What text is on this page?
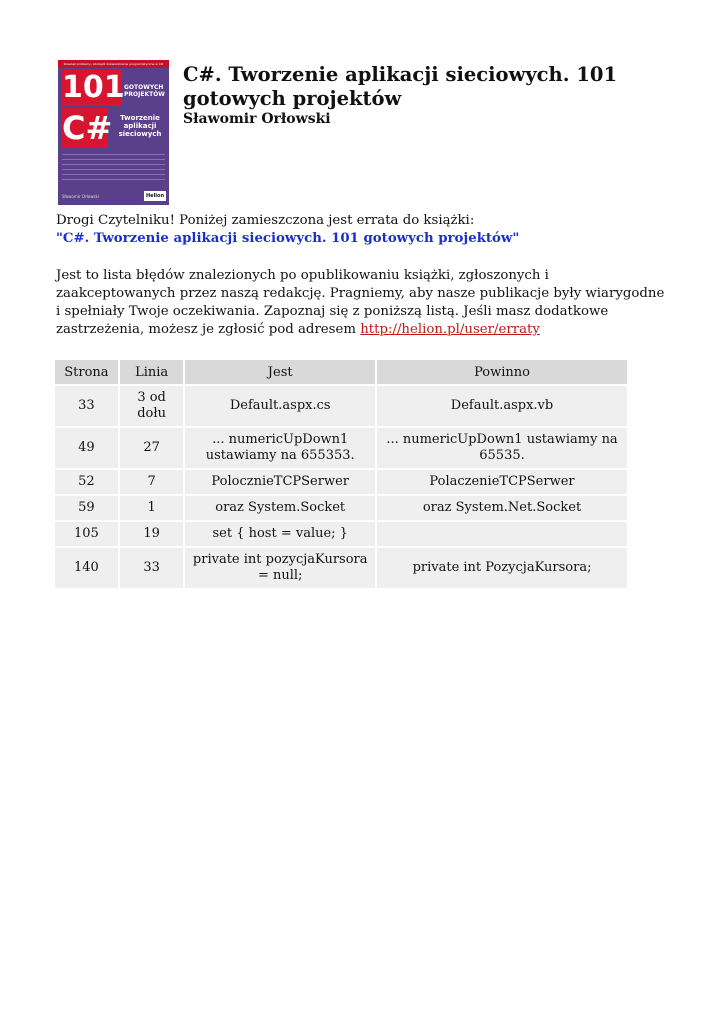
Rozwiąż problemy, zdobądź doświadczenie programistyczne w C#
101 GOTOWYCH PROJEKTÓW
C#	Tworzenie aplikacji sieciowych
Sławomir Orłowski	Helion
C#. Tworzenie aplikacji sieciowych. 101 gotowych projektów
Sławomir Orłowski
Drogi Czytelniku! Poniżej zamieszczona jest errata do książki:
"C#. Tworzenie aplikacji sieciowych. 101 gotowych projektów"
Jest to lista błędów znalezionych po opublikowaniu książki, zgłoszonych i zaakceptowanych przez naszą redakcję. Pragniemy, aby nasze publikacje były wiarygodne i spełniały Twoje oczekiwania. Zapoznaj się z poniższą listą. Jeśli masz dodatkowe zastrzeżenia, możesz je zgłosić pod adresem http://helion.pl/user/erraty
Strona	Linia	Jest	Powinno
33	3 od dołu	Default.aspx.cs	Default.aspx.vb
49	27	... numericUpDown1 ustawiamy na 655353.	... numericUpDown1 ustawiamy na 65535.
52	7	PolocznieTCPSerwer	PolaczenieTCPSerwer
59	1	oraz System.Socket	oraz System.Net.Socket
105	19	set { host = value; }	
140	33	private int pozycjaKursora = null;	private int PozycjaKursora;
